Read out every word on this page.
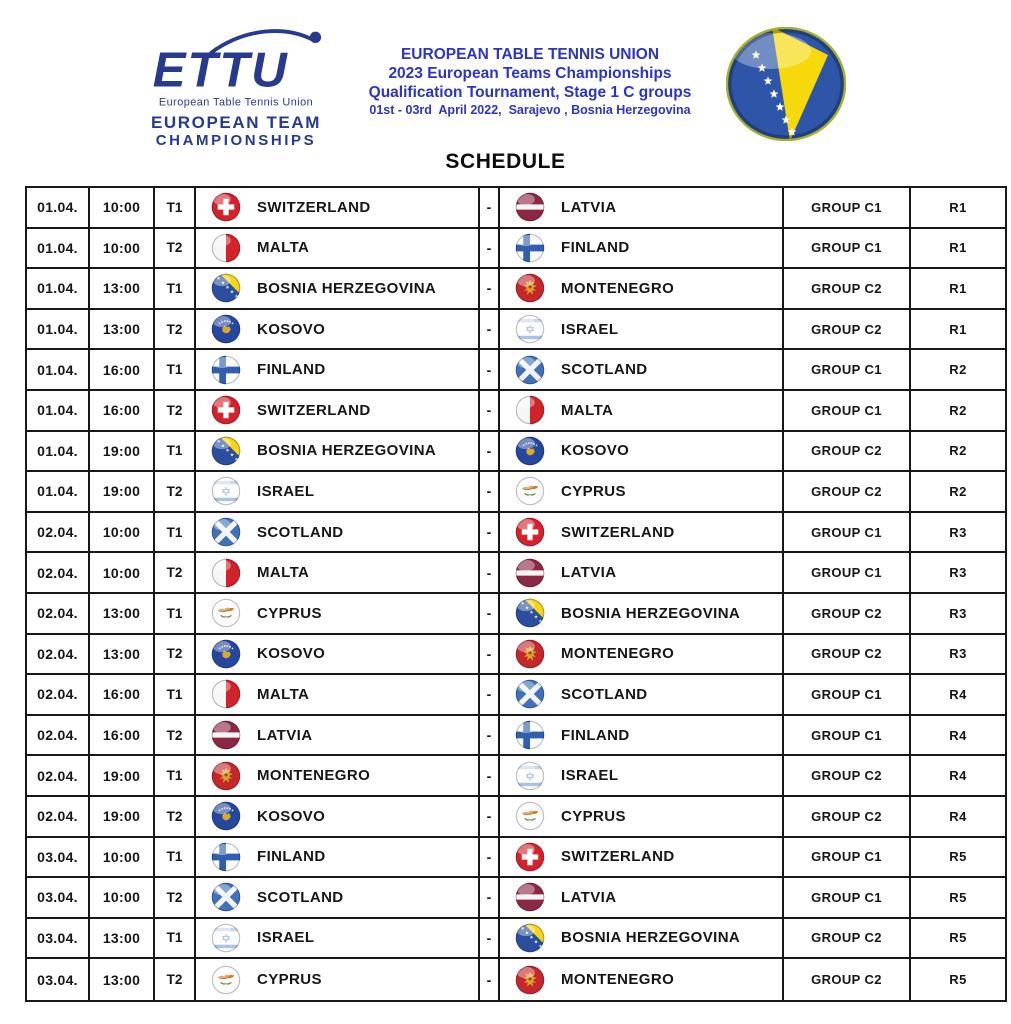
ETTU
European Table Tennis Union
EUROPEAN TEAM
CHAMPIONSHIPS
EUROPEAN TABLE TENNIS UNION
2023 European Teams Championships
Qualification Tournament, Stage 1 C groups
01st - 03rd  April 2022,  Sarajevo , Bosnia Herzegovina
SCHEDULE
01.04.	10:00	T1	SWITZERLAND	-	LATVIA	GROUP C1	R1
01.04.	10:00	T2	MALTA	-	FINLAND	GROUP C1	R1
01.04.	13:00	T1	BOSNIA HERZEGOVINA	-	MONTENEGRO	GROUP C2	R1
01.04.	13:00	T2	KOSOVO	-	ISRAEL	GROUP C2	R1
01.04.	16:00	T1	FINLAND	-	SCOTLAND	GROUP C1	R2
01.04.	16:00	T2	SWITZERLAND	-	MALTA	GROUP C1	R2
01.04.	19:00	T1	BOSNIA HERZEGOVINA	-	KOSOVO	GROUP C2	R2
01.04.	19:00	T2	ISRAEL	-	CYPRUS	GROUP C2	R2
02.04.	10:00	T1	SCOTLAND	-	SWITZERLAND	GROUP C1	R3
02.04.	10:00	T2	MALTA	-	LATVIA	GROUP C1	R3
02.04.	13:00	T1	CYPRUS	-	BOSNIA HERZEGOVINA	GROUP C2	R3
02.04.	13:00	T2	KOSOVO	-	MONTENEGRO	GROUP C2	R3
02.04.	16:00	T1	MALTA	-	SCOTLAND	GROUP C1	R4
02.04.	16:00	T2	LATVIA	-	FINLAND	GROUP C1	R4
02.04.	19:00	T1	MONTENEGRO	-	ISRAEL	GROUP C2	R4
02.04.	19:00	T2	KOSOVO	-	CYPRUS	GROUP C2	R4
03.04.	10:00	T1	FINLAND	-	SWITZERLAND	GROUP C1	R5
03.04.	10:00	T2	SCOTLAND	-	LATVIA	GROUP C1	R5
03.04.	13:00	T1	ISRAEL	-	BOSNIA HERZEGOVINA	GROUP C2	R5
03.04.	13:00	T2	CYPRUS	-	MONTENEGRO	GROUP C2	R5
